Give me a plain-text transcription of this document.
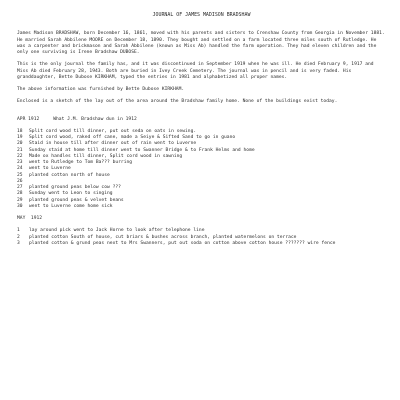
JOURNAL OF JAMES MADISON BRADSHAW
James Madison BRADSHAW, born December 16, 1861, moved with his parents and sisters to Crenshaw County from Georgia in November 1881. He married Sarah Abbilene MOORE on December 18, 1890. They bought and settled on a farm located three miles south of Rutledge. He was a carpenter and brickmason and Sarah Abbilene (known as Miss Ab) handled the farm operation. They had eleven children and the only one surviving is Irene Bradshaw DUBOSE.
This is the only journal the family has, and it was discontinued in September 1919 when he was ill. He died February 9, 1917 and Miss Ab died February 28, 1943. Both are buried in Ivey Creek Cemetery. The journal was in pencil and is very faded. His granddaughter, Bette Dubose KIRKHAM, typed the entries in 1981 and alphabetized all proper names.
The above information was furnished by Bette Dubose KIRKHAM.
Enclosed is a sketch of the lay out of the area around the Bradshaw family home. None of the buildings exist today.
APR 1912     What J.M. Bradshaw dun in 1912
18	Split cord wood till dinner, put out seda on oats in sewing.
19	Split cord wood, raked off cane, made a Seiye & Sifted Sand to go in guano
20	Staid in house till after dinner out of rain went to Luverne
21	Sunday staid at home till dinner went to Swanner Bridge & to Frank Helms and home
22	Made ox handles till dinner, Split cord wood in sawning
23	went to Rutledge to Tom Ba??? burring
24	went to Luverne
25	planted cotton north of house
26
27	planted ground peas below cow ???
28	Sunday went to Leon to singing
29	planted ground peas & velvet beans
30	went to Luverne come home sick
MAY  1912
1	lay around pick went to Jack Horne to look after telephone line
2	planted cotton South of house, cut briars & bushes across branch, planted watermelons on terrace
3	planted cotton & grund peas next to Mrs Swanners, put out soda on cotton above cotton house ??????? wire fence
